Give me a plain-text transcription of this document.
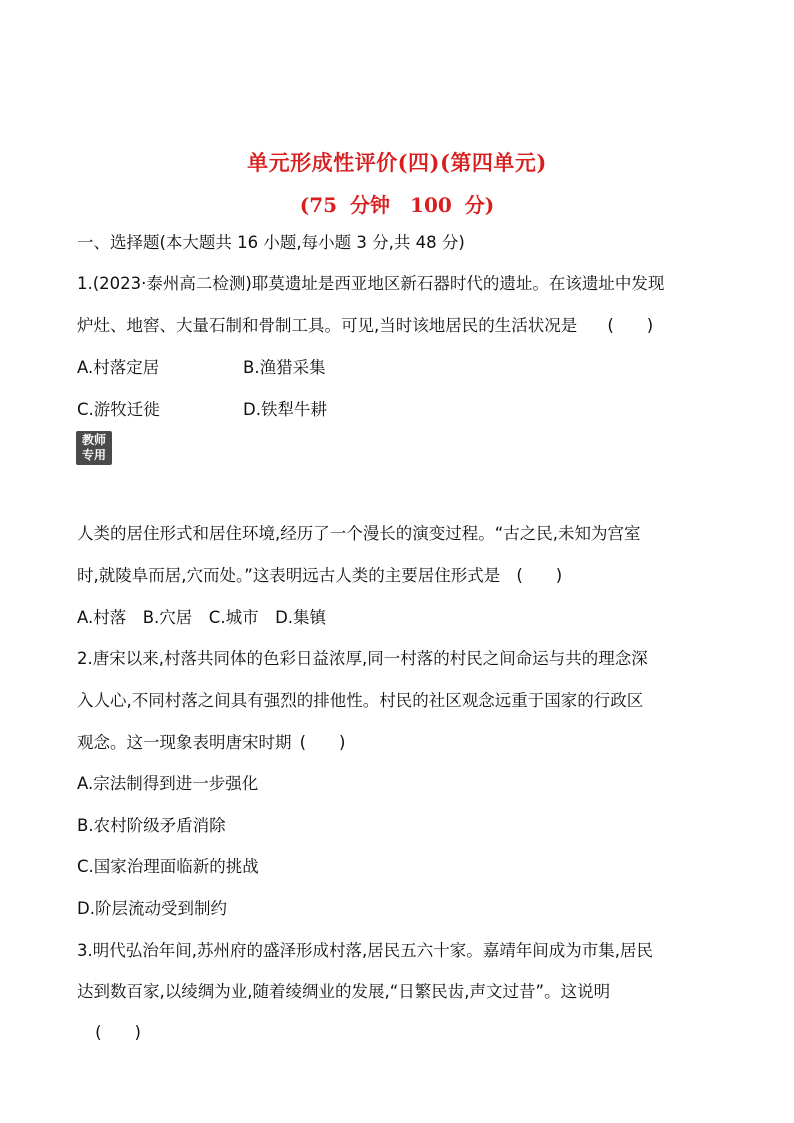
单元形成性评价(四)(第四单元)
(75 分钟　100 分)
一、选择题(本大题共 16 小题,每小题 3 分,共 48 分)
1.(2023·泰州高二检测)耶莫遗址是西亚地区新石器时代的遗址。在该遗址中发现
炉灶、地窖、大量石制和骨制工具。可见,当时该地居民的生活状况是 (　　)
A.村落定居	B.渔猎采集
C.游牧迁徙	D.铁犁牛耕
教师
专用
人类的居住形式和居住环境,经历了一个漫长的演变过程。“古之民,未知为宫室
时,就陵阜而居,穴而处。”这表明远古人类的主要居住形式是 (　　)
A.村落　B.穴居　C.城市　D.集镇
2.唐宋以来,村落共同体的色彩日益浓厚,同一村落的村民之间命运与共的理念深
入人心,不同村落之间具有强烈的排他性。村民的社区观念远重于国家的行政区
观念。这一现象表明唐宋时期 (　　)
A.宗法制得到进一步强化
B.农村阶级矛盾消除
C.国家治理面临新的挑战
D.阶层流动受到制约
3.明代弘治年间,苏州府的盛泽形成村落,居民五六十家。嘉靖年间成为市集,居民
达到数百家,以绫绸为业,随着绫绸业的发展,“日繁民齿,声文过昔”。这说明
(　　)
